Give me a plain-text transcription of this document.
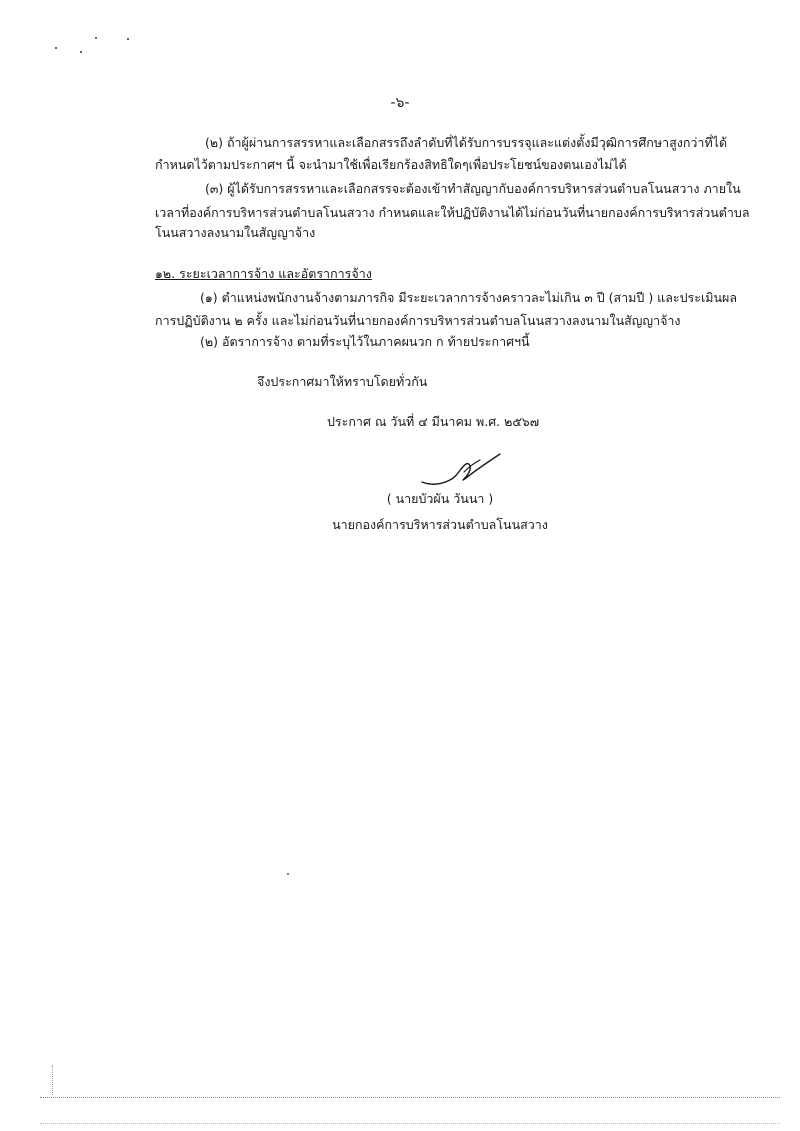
-๖-
(๒) ถ้าผู้ผ่านการสรรหาและเลือกสรรถึงลำดับที่ได้รับการบรรจุและแต่งตั้งมีวุฒิการศึกษาสูงกว่าที่ได้
กำหนดไว้ตามประกาศฯ นี้ จะนำมาใช้เพื่อเรียกร้องสิทธิใดๆเพื่อประโยชน์ของตนเองไม่ได้
(๓) ผู้ได้รับการสรรหาและเลือกสรรจะต้องเข้าทำสัญญากับองค์การบริหารส่วนตำบลโนนสวาง ภายใน
เวลาที่องค์การบริหารส่วนตำบลโนนสวาง กำหนดและให้ปฏิบัติงานได้ไม่ก่อนวันที่นายกองค์การบริหารส่วนตำบล
โนนสวางลงนามในสัญญาจ้าง
๑๒. ระยะเวลาการจ้าง และอัตราการจ้าง
(๑) ตำแหน่งพนักงานจ้างตามภารกิจ มีระยะเวลาการจ้างคราวละไม่เกิน ๓ ปี (สามปี ) และประเมินผล
การปฏิบัติงาน ๒ ครั้ง และไม่ก่อนวันที่นายกองค์การบริหารส่วนตำบลโนนสวางลงนามในสัญญาจ้าง
(๒) อัตราการจ้าง ตามที่ระบุไว้ในภาคผนวก ก ท้ายประกาศฯนี้
จึงประกาศมาให้ทราบโดยทั่วกัน
ประกาศ ณ วันที่ ๔ มีนาคม พ.ศ. ๒๕๖๗
( นายบัวผัน วันนา )
นายกองค์การบริหารส่วนตำบลโนนสวาง
